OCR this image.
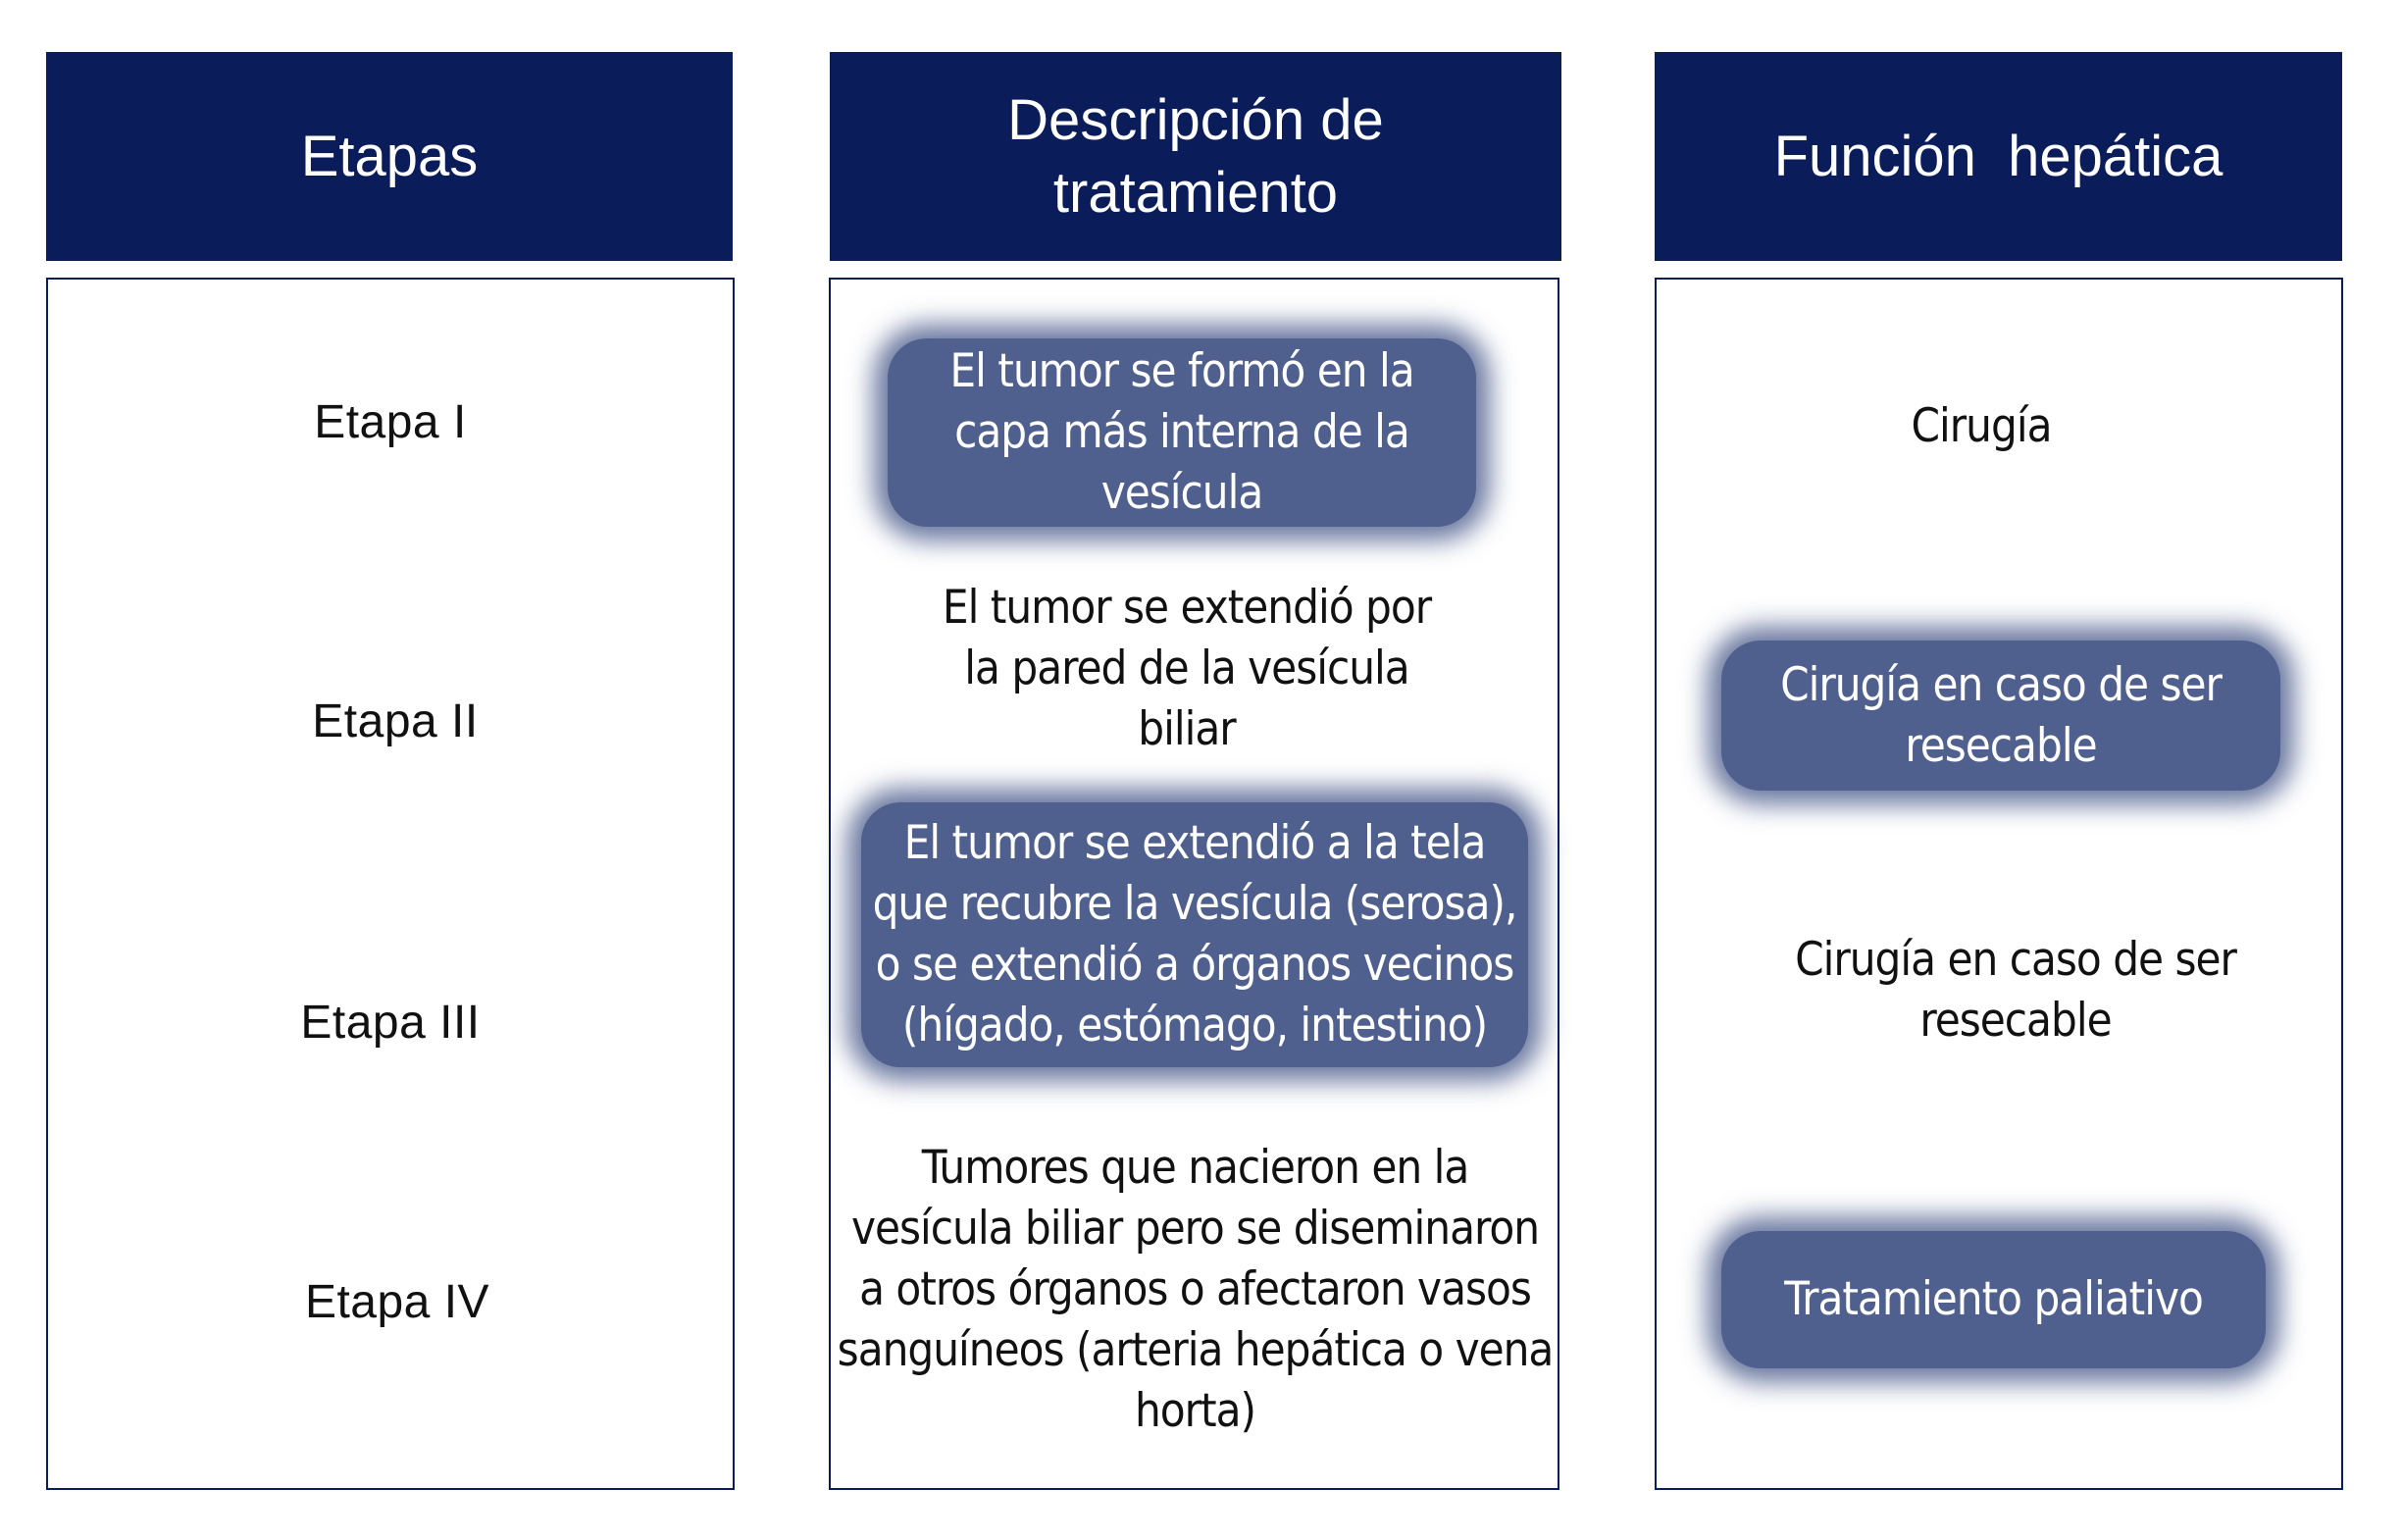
Etapas
Descripción de
tratamiento
Función  hepática
Etapa I
Etapa II
Etapa III
Etapa IV
El tumor se formó en la capa más interna de la vesícula
El tumor se extendió por la pared de la vesícula biliar
El tumor se extendió a la tela que recubre la vesícula (serosa), o se extendió a órganos vecinos (hígado, estómago, intestino)
Tumores que nacieron en la vesícula biliar pero se diseminaron a otros órganos o afectaron vasos sanguíneos (arteria hepática o vena horta)
Cirugía
Cirugía en caso de ser resecable
Cirugía en caso de ser resecable
Tratamiento paliativo
